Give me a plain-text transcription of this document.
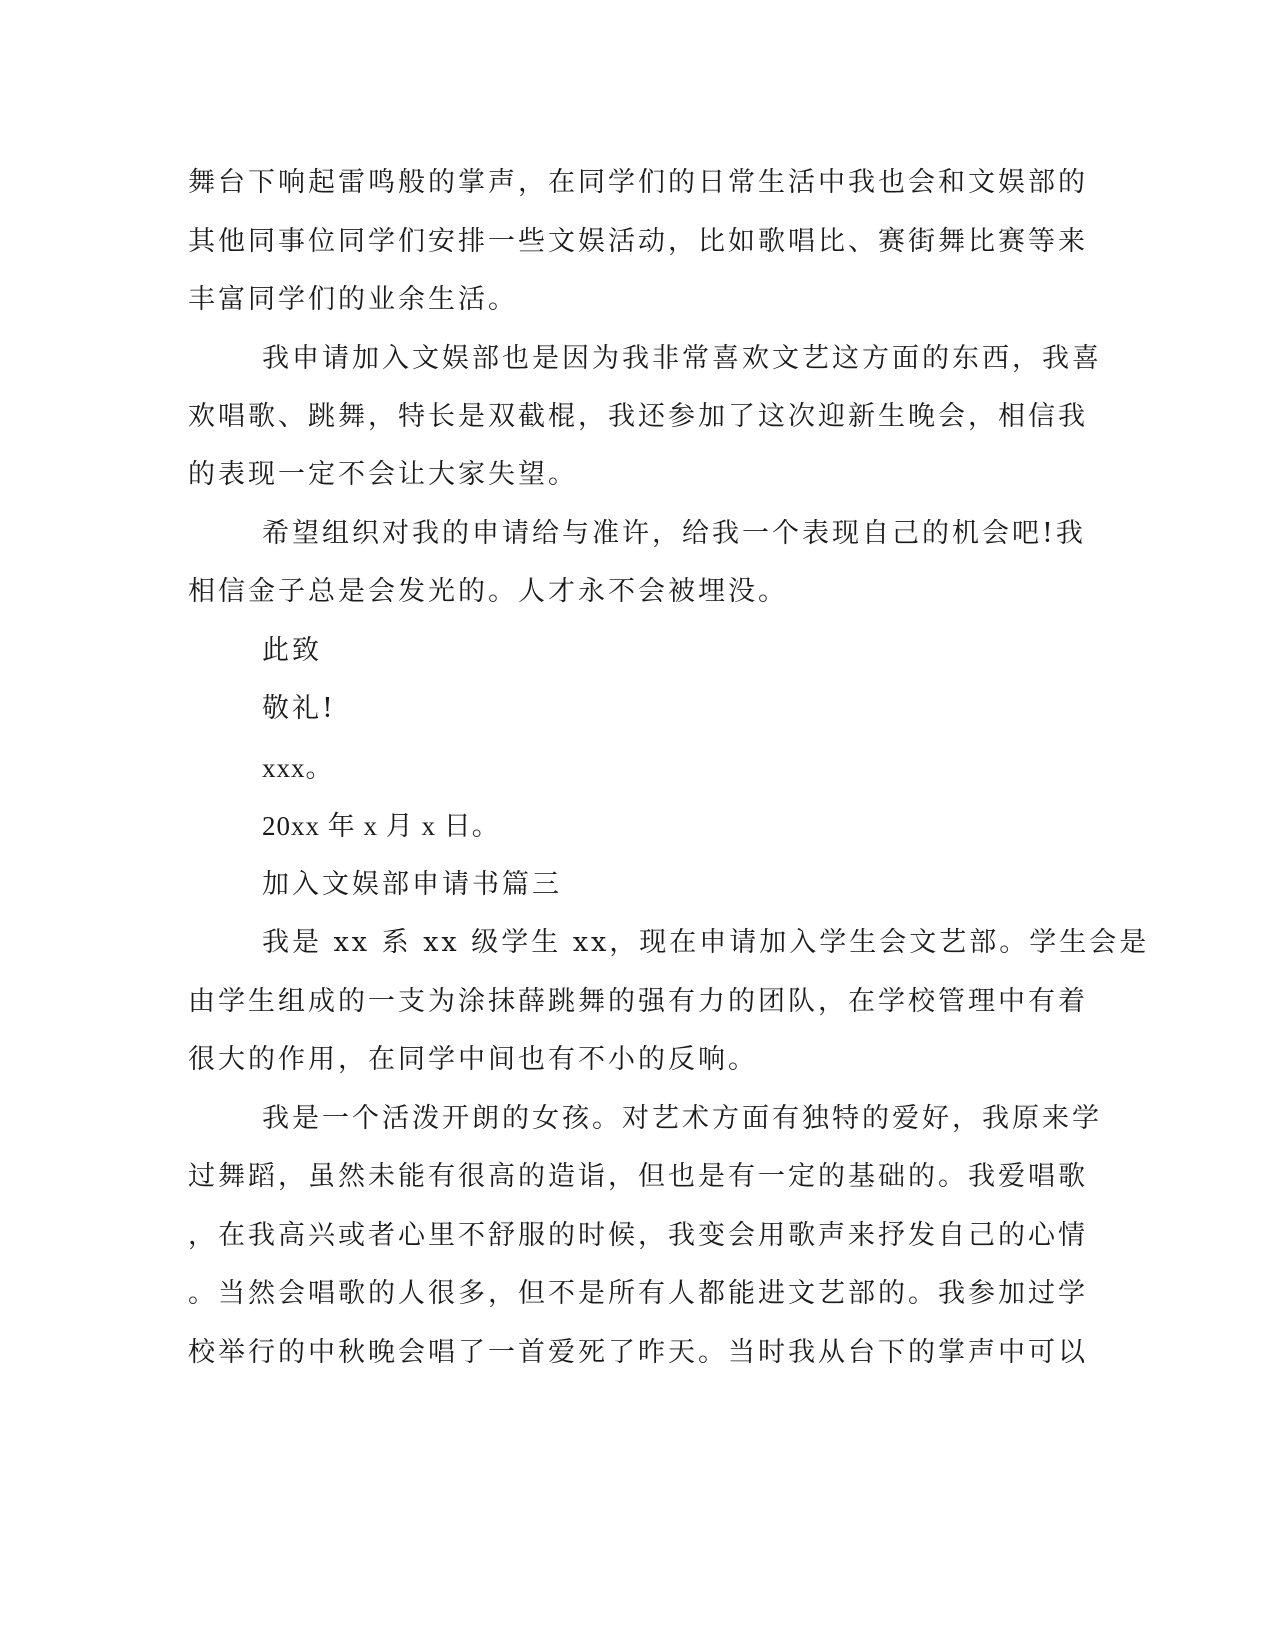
舞台下响起雷鸣般的掌声，在同学们的日常生活中我也会和文娱部的

其他同事位同学们安排一些文娱活动，比如歌唱比、赛街舞比赛等来

丰富同学们的业余生活。

我申请加入文娱部也是因为我非常喜欢文艺这方面的东西，我喜

欢唱歌、跳舞，特长是双截棍，我还参加了这次迎新生晚会，相信我

的表现一定不会让大家失望。

希望组织对我的申请给与准许，给我一个表现自己的机会吧!我

相信金子总是会发光的。人才永不会被埋没。

此致

敬礼!

xxx。

20xx 年 x 月 x 日。

加入文娱部申请书篇三

我是 xx 系 xx 级学生 xx，现在申请加入学生会文艺部。学生会是

由学生组成的一支为涂抹薛跳舞的强有力的团队，在学校管理中有着

很大的作用，在同学中间也有不小的反响。

我是一个活泼开朗的女孩。对艺术方面有独特的爱好，我原来学

过舞蹈，虽然未能有很高的造诣，但也是有一定的基础的。我爱唱歌

，在我高兴或者心里不舒服的时候，我变会用歌声来抒发自己的心情

。当然会唱歌的人很多，但不是所有人都能进文艺部的。我参加过学

校举行的中秋晚会唱了一首爱死了昨天。当时我从台下的掌声中可以
